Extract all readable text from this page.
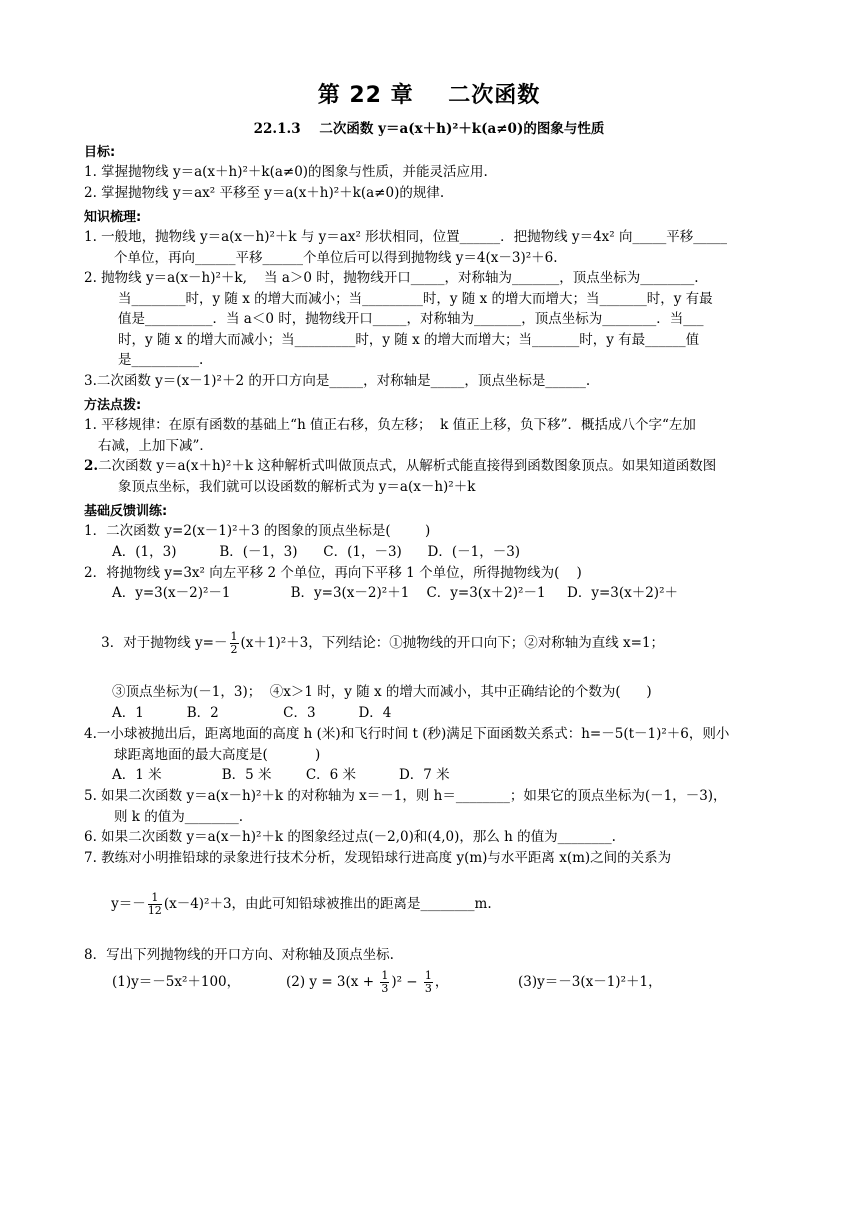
第 22 章    二次函数
22.1.3    二次函数 y＝a(x＋h)²＋k(a≠0)的图象与性质
目标:
1. 掌握抛物线 y＝a(x＋h)²＋k(a≠0)的图象与性质，并能灵活应用.
2. 掌握抛物线 y＝ax² 平移至 y＝a(x＋h)²＋k(a≠0)的规律.
知识梳理:
1. 一般地，抛物线 y＝a(x－h)²＋k 与 y＝ax² 形状相同，位置______．把抛物线 y＝4x² 向_____平移_____
个单位，再向______平移______个单位后可以得到抛物线 y＝4(x－3)²＋6.
2. 抛物线 y＝a(x－h)²＋k,    当 a＞0 时，抛物线开口_____，对称轴为_______，顶点坐标为________.
当________时，y 随 x 的增大而减小；当_________时，y 随 x 的增大而增大；当_______时，y 有最
值是__________．当 a＜0 时，抛物线开口_____，对称轴为_______，顶点坐标为________．当___
时，y 随 x 的增大而减小；当_________时，y 随 x 的增大而增大；当_______时，y 有最______值
是__________.
3.二次函数 y＝(x－1)²＋2 的开口方向是_____，对称轴是_____，顶点坐标是______.
方法点拨:
1. 平移规律：在原有函数的基础上“h 值正右移，负左移；  k 值正上移，负下移”．概括成八个字“左加
右减，上加下减”．
2.二次函数 y＝a(x＋h)²＋k 这种解析式叫做顶点式，从解析式能直接得到函数图象顶点。如果知道函数图
象顶点坐标，我们就可以设函数的解析式为 y＝a(x－h)²＋k
基础反馈训练:
1．二次函数 y=2(x－1)²＋3 的图象的顶点坐标是(        )
A．(1，3)          B．(－1，3)      C．(1，－3)      D．(－1，－3)
2．将抛物线 y=3x² 向左平移 2 个单位，再向下平移 1 个单位，所得抛物线为(    )
A．y=3(x－2)²－1              B．y=3(x－2)²＋1    C．y=3(x＋2)²－1     D．y=3(x＋2)²＋

3．对于抛物线 $y=- \frac{1}{2} (x+1)^2+3$，下列结论：①抛物线的开口向下；②对称轴为直线 x=1；

③顶点坐标为(－1，3)；  ④x＞1 时，y 随 x 的增大而减小，其中正确结论的个数为(      )
A．1          B．2               C．3          D．4
4.一小球被抛出后，距离地面的高度 h (米)和飞行时间 t (秒)满足下面函数关系式：h=－5(t－1)²＋6，则小
球距离地面的最大高度是(           )
A．1 米              B．5 米        C．6 米          D．7 米
5. 如果二次函数 y＝a(x－h)²＋k 的对称轴为 x＝－1，则 h＝________；如果它的顶点坐标为(－1，－3)，
则 k 的值为________.
6. 如果二次函数 y＝a(x－h)²＋k 的图象经过点(－2,0)和(4,0)，那么 h 的值为________.
7. 教练对小明推铅球的录象进行技术分析，发现铅球行进高度 y(m)与水平距离 x(m)之间的关系为

$y=- \frac{1}{12} (x-4)^2+3$，由此可知铅球被推出的距离是________m.

8．写出下列抛物线的开口方向、对称轴及顶点坐标.
(1)y＝－5x²＋100，	(2) $y = 3(x + \frac{1}{3} )^2 - \frac{1}{3}$ ，	(3)y＝－3(x－1)²＋1，
